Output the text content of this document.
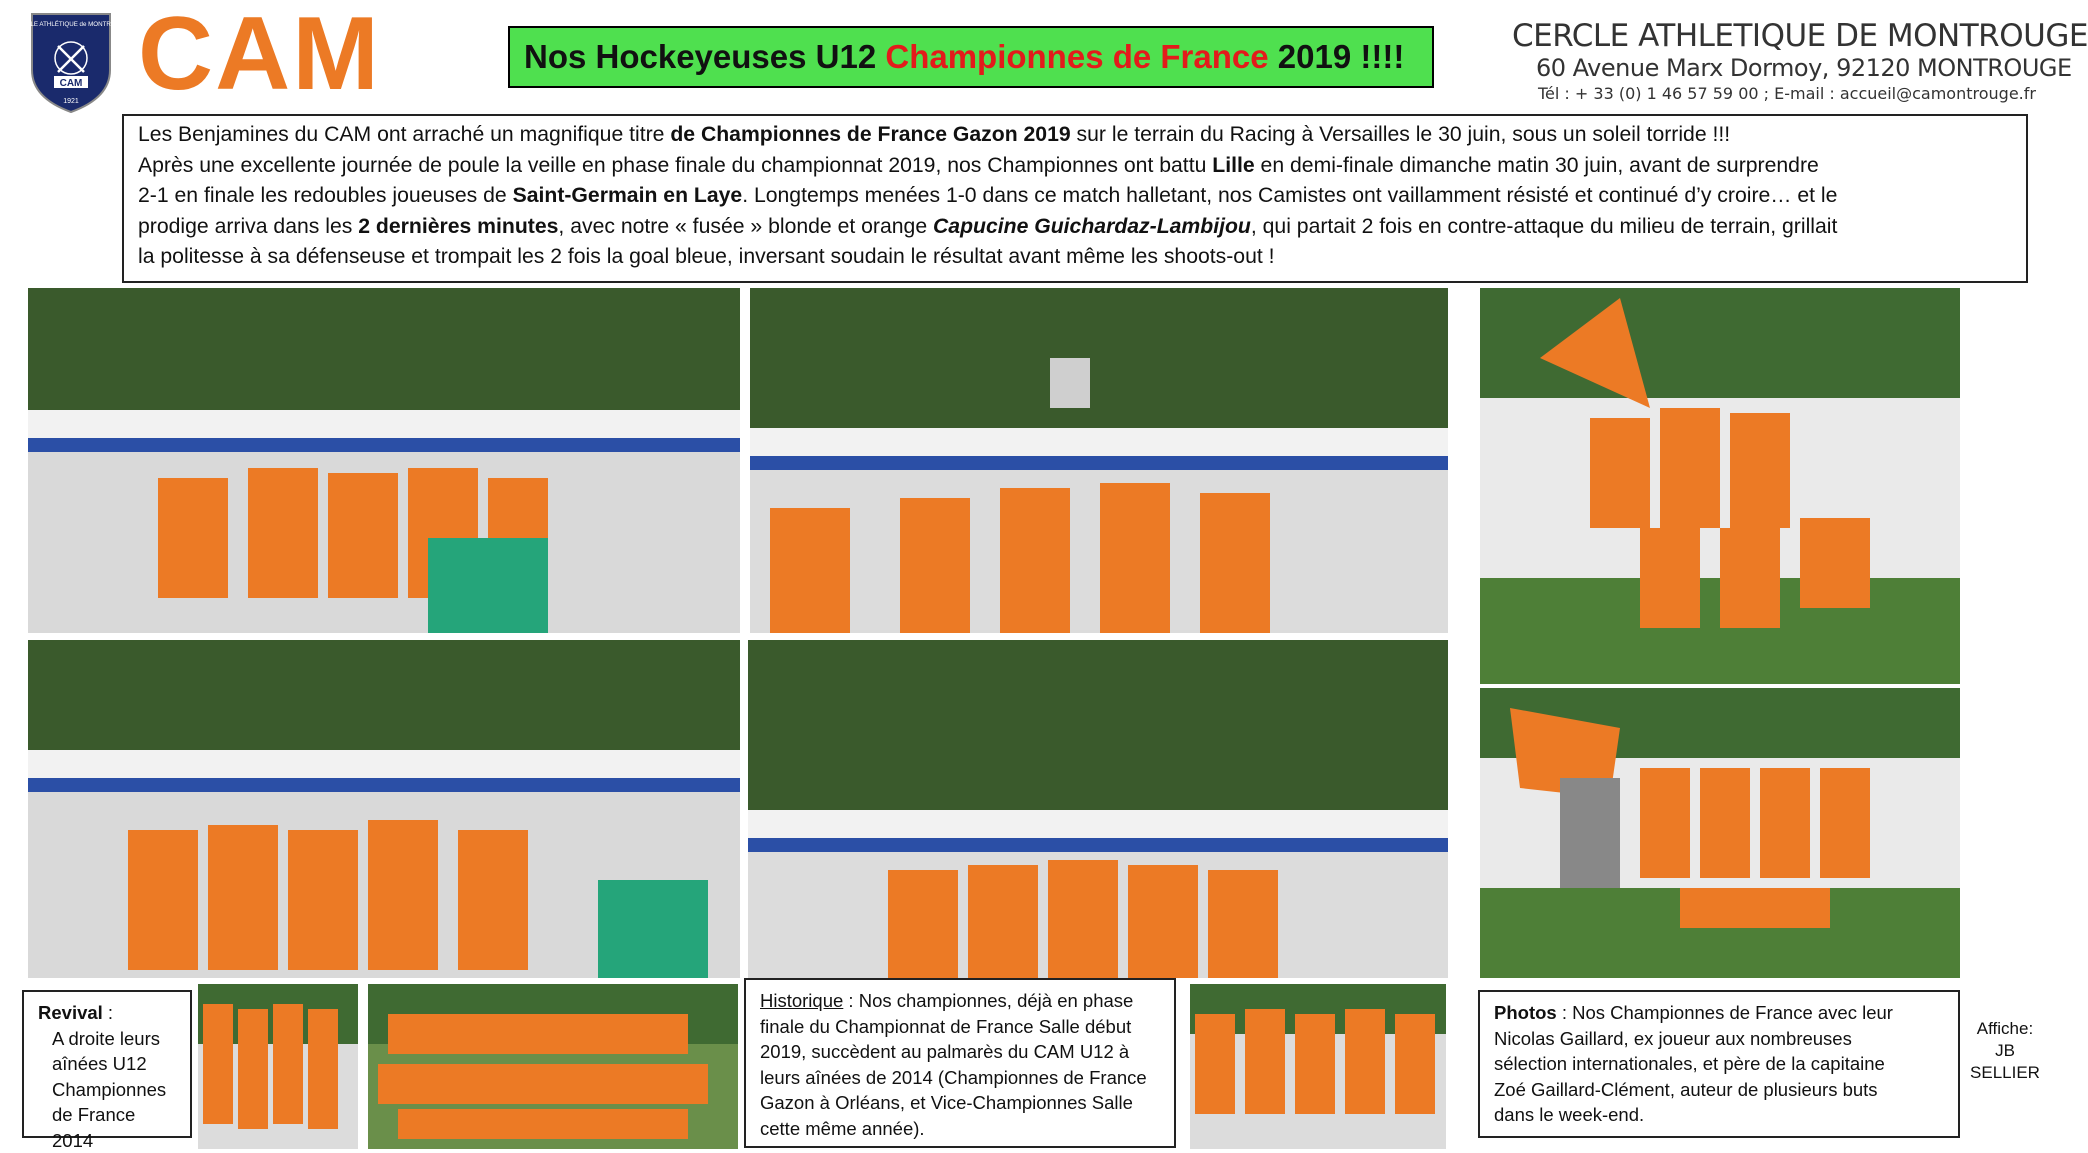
CERCLE ATHLÉTIQUE de MONTROUGE
CAM
1921 CAM	Nos Hockeyeuses U12 Championnes de France 2019 !!!!
CERCLE ATHLETIQUE DE MONTROUGE
60 Avenue Marx Dormoy, 92120 MONTROUGE
Tél : + 33 (0) 1 46 57 59 00 ; E-mail : accueil@camontrouge.fr
Les Benjamines du CAM ont arraché un magnifique titre de Championnes de France Gazon 2019 sur le terrain du Racing à Versailles le 30 juin, sous un soleil torride !!!
Après une excellente journée de poule la veille en phase finale du championnat 2019, nos Championnes ont battu Lille en demi-finale dimanche matin 30 juin, avant de surprendre
2-1 en finale les redoubles joueuses de Saint-Germain en Laye. Longtemps menées 1-0 dans ce match halletant, nos Camistes ont vaillamment résisté et continué d’y croire… et le
prodige arriva dans les 2 dernières minutes, avec notre « fusée » blonde et orange Capucine Guichardaz-Lambijou, qui partait 2 fois en contre-attaque du milieu de terrain, grillait
la politesse à sa défenseuse et trompait les 2 fois la goal bleue, inversant soudain le résultat avant même les shoots-out !
Revival :
A droite leurs
aînées U12
Championnes
de France 2014
Historique : Nos championnes, déjà en phase
finale du Championnat de France Salle début
2019, succèdent au palmarès du CAM U12 à
leurs aînées de 2014 (Championnes de France
Gazon à Orléans, et Vice-Championnes Salle
cette même année).
Photos : Nos Championnes de France avec leur
Nicolas Gaillard, ex joueur aux nombreuses
sélection internationales, et père de la capitaine
Zoé Gaillard-Clément, auteur de plusieurs buts
dans le week-end.
Affiche:
JB
SELLIER
